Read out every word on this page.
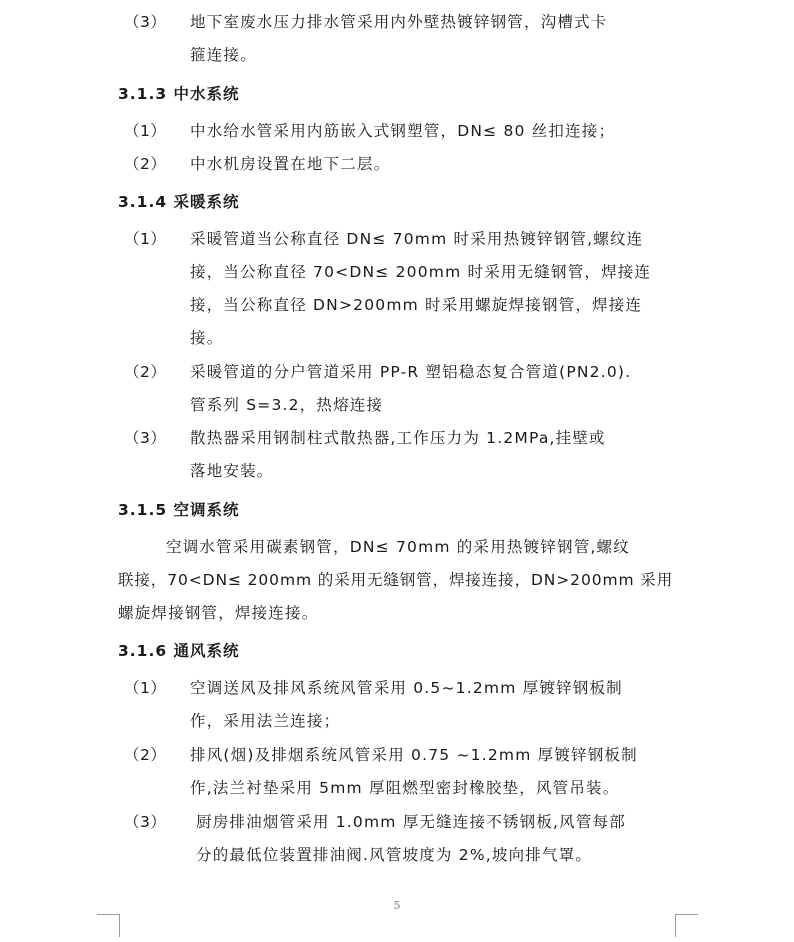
（3） 地下室废水压力排水管采用内外壁热镀锌钢管，沟槽式卡

箍连接。

3.1.3 中水系统

（1） 中水给水管采用内筋嵌入式钢塑管，DN≤ 80 丝扣连接；

（2） 中水机房设置在地下二层。

3.1.4 采暖系统

（1） 采暖管道当公称直径 DN≤ 70mm 时采用热镀锌钢管,螺纹连

接，当公称直径 70<DN≤ 200mm 时采用无缝钢管，焊接连

接，当公称直径 DN>200mm 时采用螺旋焊接钢管，焊接连

接。

（2） 采暖管道的分户管道采用 PP-R 塑铝稳态复合管道(PN2.0).

管系列 S=3.2，热熔连接

（3） 散热器采用钢制柱式散热器,工作压力为 1.2MPa,挂壁或

落地安装。

3.1.5 空调系统

空调水管采用碳素钢管，DN≤ 70mm 的采用热镀锌钢管,螺纹

联接，70<DN≤ 200mm 的采用无缝钢管，焊接连接，DN>200mm 采用

螺旋焊接钢管，焊接连接。

3.1.6 通风系统

（1） 空调送风及排风系统风管采用 0.5~1.2mm 厚镀锌钢板制

作，采用法兰连接；

（2） 排风(烟)及排烟系统风管采用 0.75 ~1.2mm 厚镀锌钢板制

作,法兰衬垫采用 5mm 厚阻燃型密封橡胶垫，风管吊装。

（3） 厨房排油烟管采用 1.0mm 厚无缝连接不锈钢板,风管每部

分的最低位装置排油阀.风管坡度为 2%,坡向排气罩。

5
